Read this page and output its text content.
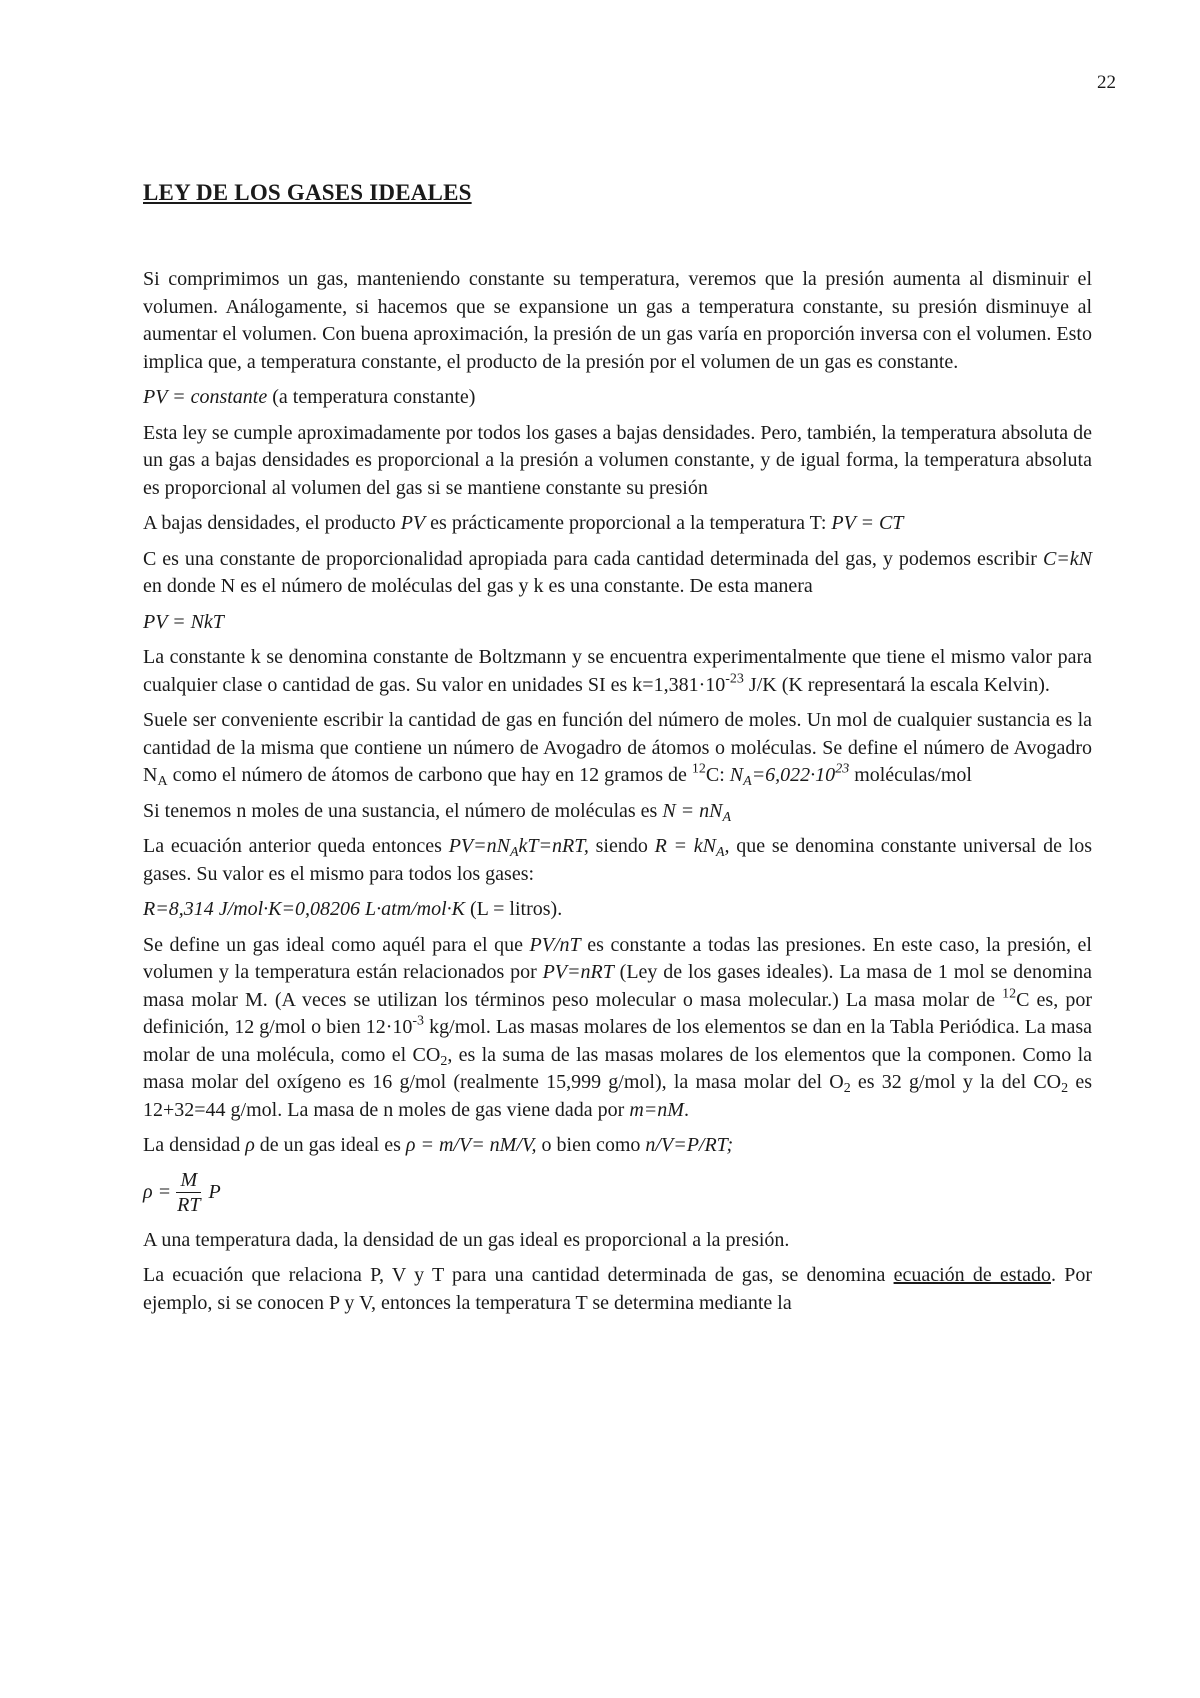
22
LEY DE LOS GASES IDEALES

Si comprimimos un gas, manteniendo constante su temperatura, veremos que la presión aumenta al disminuir el volumen. Análogamente, si hacemos que se expansione un gas a temperatura constante, su presión disminuye al aumentar el volumen. Con buena aproximación, la presión de un gas varía en proporción inversa con el volumen. Esto implica que, a temperatura constante, el producto de la presión por el volumen de un gas es constante.

PV = constante (a temperatura constante)

Esta ley se cumple aproximadamente por todos los gases a bajas densidades. Pero, también, la temperatura absoluta de un gas a bajas densidades es proporcional a la presión a volumen constante, y de igual forma, la temperatura absoluta es proporcional al volumen del gas si se mantiene constante su presión

A bajas densidades, el producto PV es prácticamente proporcional a la temperatura T: PV = CT

C es una constante de proporcionalidad apropiada para cada cantidad determinada del gas, y podemos escribir C=kN en donde N es el número de moléculas del gas y k es una constante. De esta manera

PV = NkT

La constante k se denomina constante de Boltzmann y se encuentra experimentalmente que tiene el mismo valor para cualquier clase o cantidad de gas. Su valor en unidades SI es $k=1,381\cdot 10^{-23}$ J/K (K representará la escala Kelvin).

Suele ser conveniente escribir la cantidad de gas en función del número de moles. Un mol de cualquier sustancia es la cantidad de la misma que contiene un número de Avogadro de átomos o moléculas. Se define el número de Avogadro $N_A$ como el número de átomos de carbono que hay en 12 gramos de $^{12}$C: $N_A=6,022\cdot 10^{23}$ moléculas/mol

Si tenemos n moles de una sustancia, el número de moléculas es $N = nN_A$

La ecuación anterior queda entonces $PV=nN_AkT=nRT$, siendo $R = kN_A$, que se denomina constante universal de los gases. Su valor es el mismo para todos los gases:

R=8,314 J/mol·K=0,08206 L·atm/mol·K (L = litros).

Se define un gas ideal como aquél para el que PV/nT es constante a todas las presiones. En este caso, la presión, el volumen y la temperatura están relacionados por PV=nRT (Ley de los gases ideales). La masa de 1 mol se denomina masa molar M. (A veces se utilizan los términos peso molecular o masa molecular.) La masa molar de $^{12}$C es, por definición, 12 g/mol o bien $12\cdot 10^{-3}$ kg/mol. Las masas molares de los elementos se dan en la Tabla Periódica. La masa molar de una molécula, como el $CO_2$, es la suma de las masas molares de los elementos que la componen. Como la masa molar del oxígeno es 16 g/mol (realmente 15,999 g/mol), la masa molar del $O_2$ es 32 g/mol y la del $CO_2$ es 12+32=44 g/mol. La masa de n moles de gas viene dada por m=nM.

La densidad ρ de un gas ideal es ρ = m/V= nM/V, o bien como n/V=P/RT;

$\rho = \frac{M}{RT}$ P

A una temperatura dada, la densidad de un gas ideal es proporcional a la presión.

La ecuación que relaciona P, V y T para una cantidad determinada de gas, se denomina ecuación de estado. Por ejemplo, si se conocen P y V, entonces la temperatura T se determina mediante la
